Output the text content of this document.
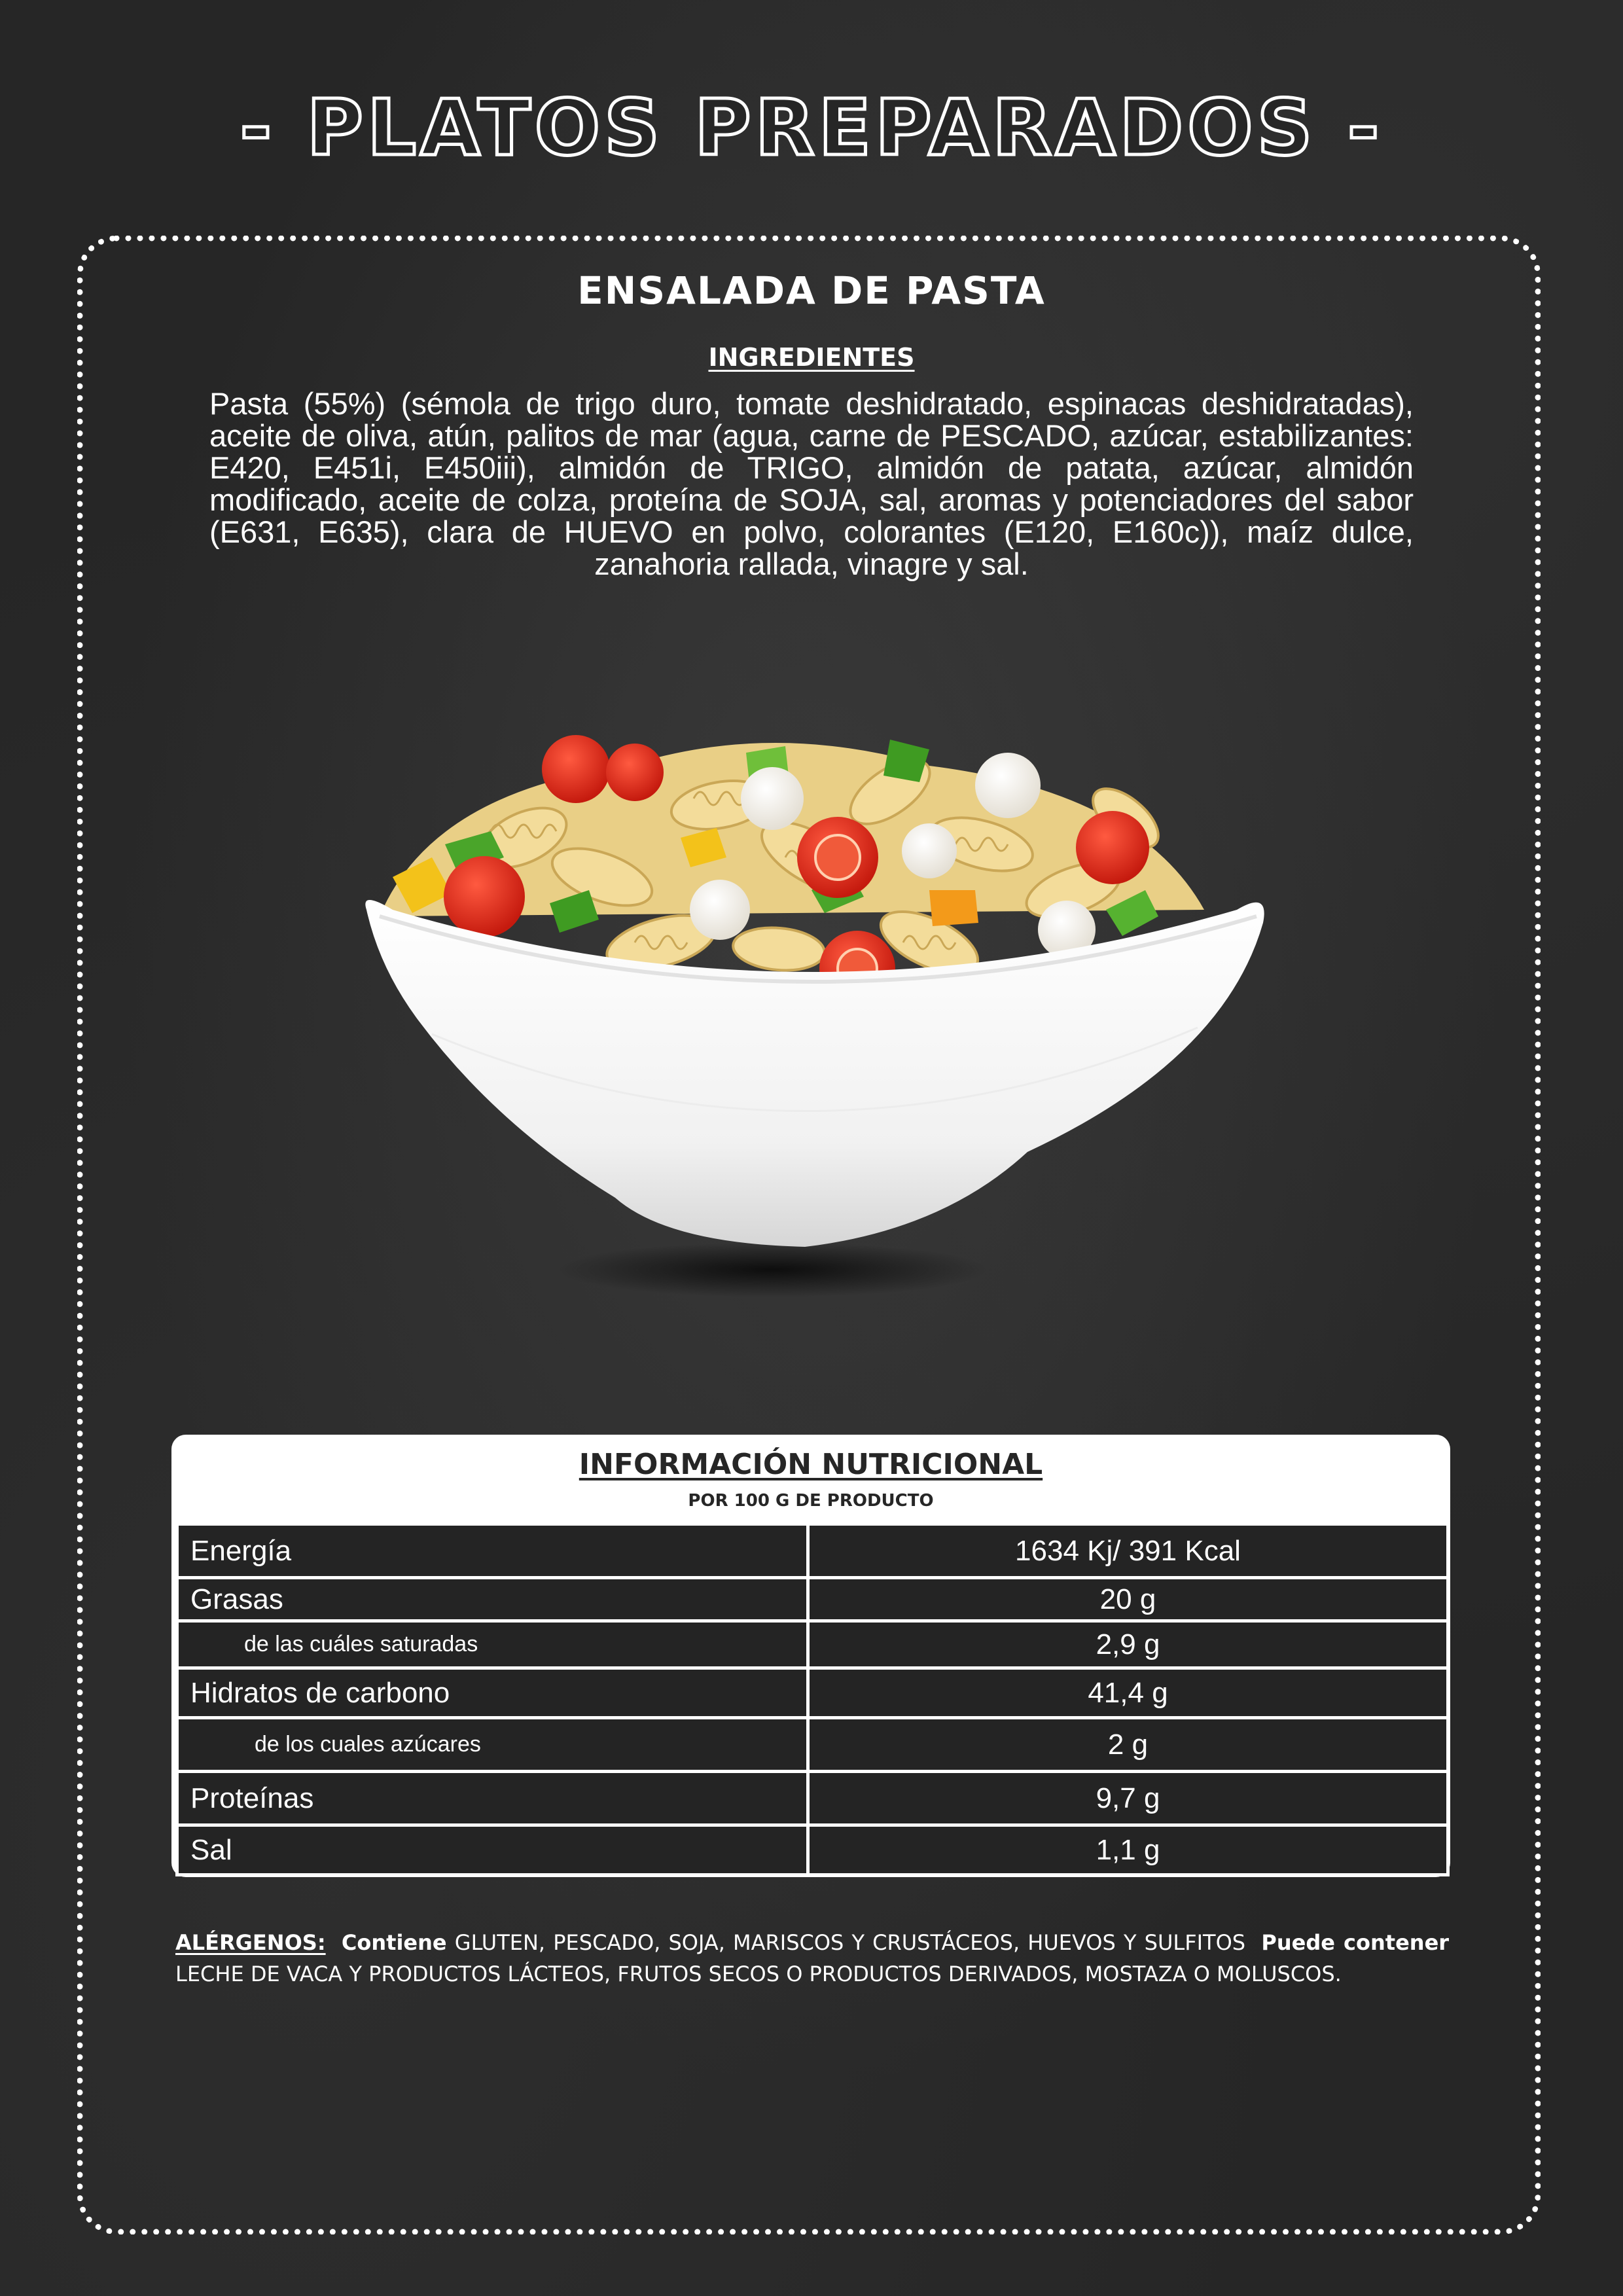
- PLATOS PREPARADOS -
ENSALADA DE PASTA
INGREDIENTES
Pasta (55%) (sémola de trigo duro, tomate deshidratado, espinacas deshidratadas), aceite de oliva, atún, palitos de mar (agua, carne de PESCADO, azúcar, estabilizantes: E420, E451i, E450iii), almidón de TRIGO, almidón de patata, azúcar, almidón modificado, aceite de colza, proteína de SOJA, sal, aromas y potenciadores del sabor (E631, E635), clara de HUEVO en polvo, colorantes (E120, E160c)), maíz dulce, zanahoria rallada, vinagre y sal.
INFORMACIÓN NUTRICIONAL
POR 100 G DE PRODUCTO
Energía	1634 Kj/ 391 Kcal
Grasas	20 g
de las cuáles saturadas	2,9 g
Hidratos de carbono	41,4 g
de los cuales azúcares	2 g
Proteínas	9,7 g
Sal	1,1 g
ALÉRGENOS: Contiene GLUTEN, PESCADO, SOJA, MARISCOS Y CRUSTÁCEOS, HUEVOS Y SULFITOS Puede contener LECHE DE VACA Y PRODUCTOS LÁCTEOS, FRUTOS SECOS O PRODUCTOS DERIVADOS, MOSTAZA O MOLUSCOS.
